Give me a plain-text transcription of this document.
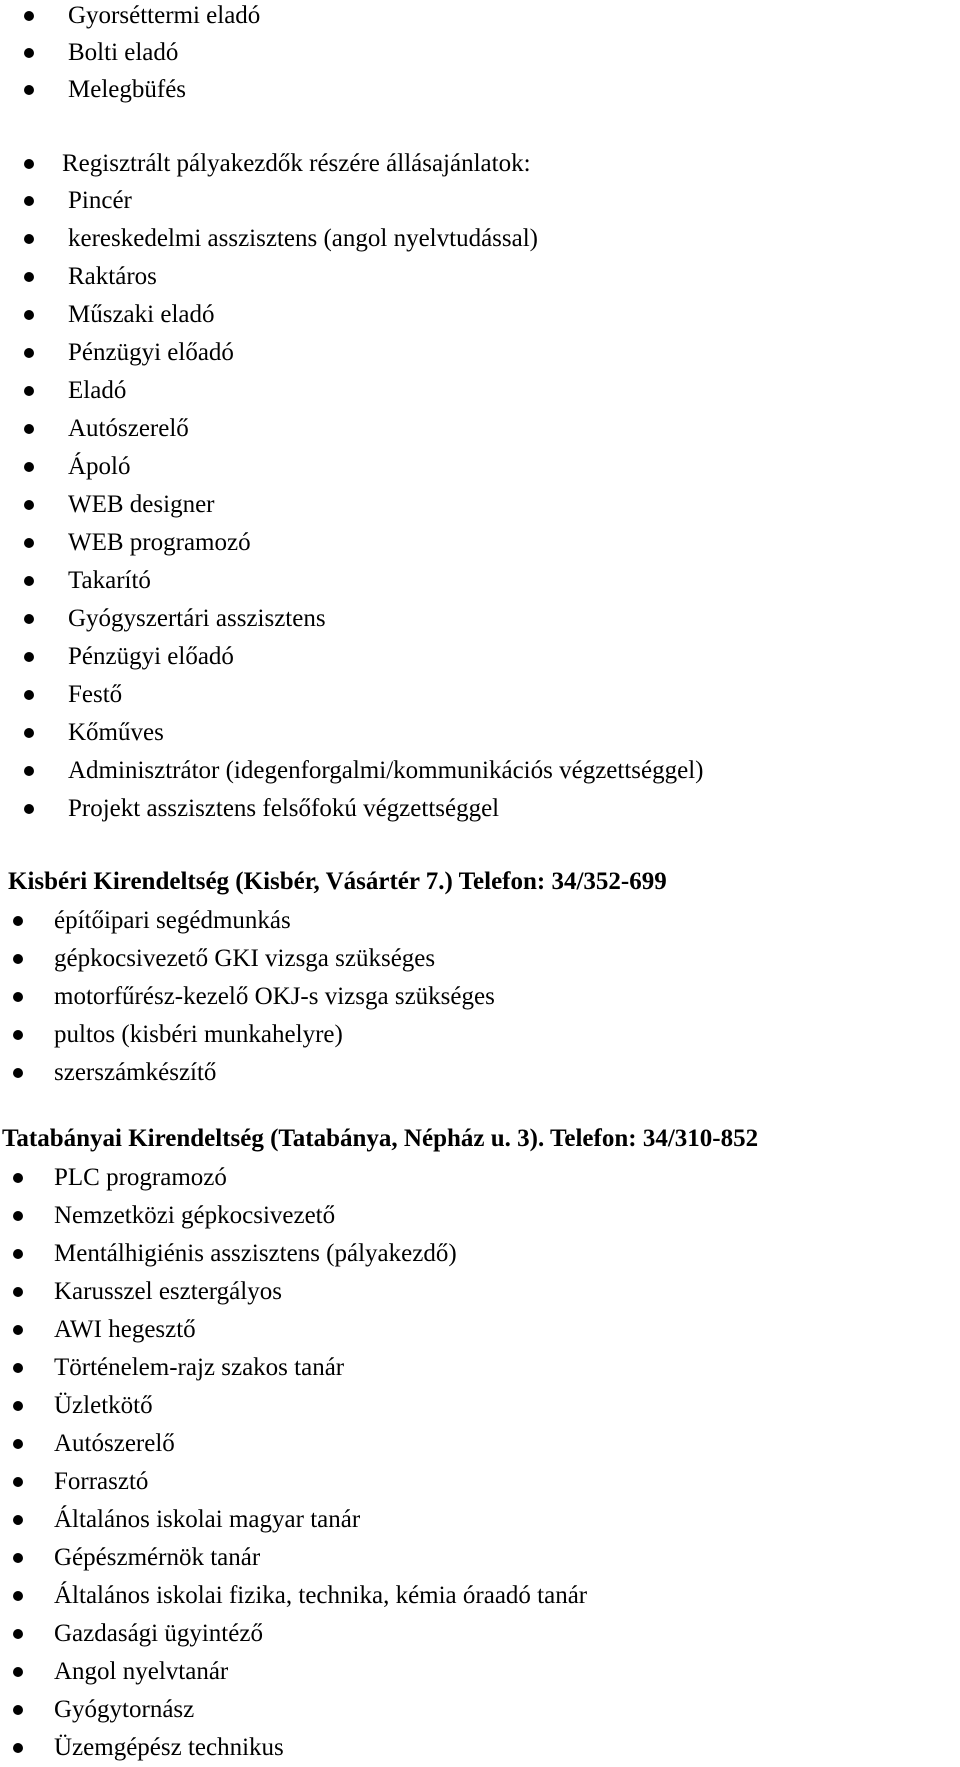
Gyorséttermi eladó
Bolti eladó
Melegbüfés
Regisztrált pályakezdők részére állásajánlatok:
Pincér
kereskedelmi asszisztens (angol nyelvtudással)
Raktáros
Műszaki eladó
Pénzügyi előadó
Eladó
Autószerelő
Ápoló
WEB designer
WEB programozó
Takarító
Gyógyszertári asszisztens
Pénzügyi előadó
Festő
Kőműves
Adminisztrátor (idegenforgalmi/kommunikációs végzettséggel)
Projekt asszisztens felsőfokú végzettséggel
Kisbéri Kirendeltség (Kisbér, Vásártér 7.) Telefon: 34/352-699
építőipari segédmunkás
gépkocsivezető GKI vizsga szükséges
motorfűrész-kezelő OKJ-s vizsga szükséges
pultos (kisbéri munkahelyre)
szerszámkészítő
Tatabányai Kirendeltség (Tatabánya, Népház u. 3). Telefon: 34/310-852
PLC programozó
Nemzetközi gépkocsivezető
Mentálhigiénis asszisztens (pályakezdő)
Karusszel esztergályos
AWI hegesztő
Történelem-rajz szakos tanár
Üzletkötő
Autószerelő
Forrasztó
Általános iskolai magyar tanár
Gépészmérnök tanár
Általános iskolai fizika, technika, kémia óraadó tanár
Gazdasági ügyintéző
Angol nyelvtanár
Gyógytornász
Üzemgépész technikus
